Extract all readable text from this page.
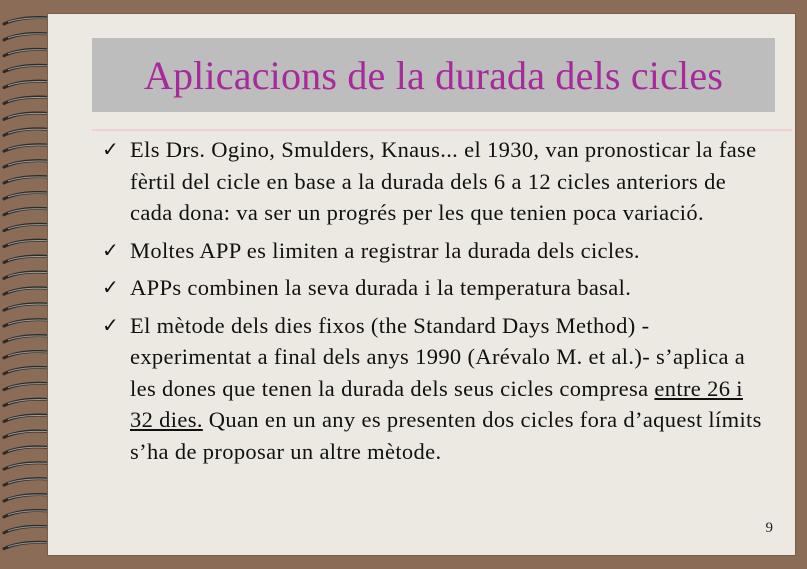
Aplicacions de la durada dels cicles
✓ Els Drs. Ogino, Smulders, Knaus... el 1930, van pronosticar la fase fèrtil del cicle en base a la durada dels 6 a 12 cicles anteriors de cada dona: va ser un progrés per les que tenien poca variació.
✓ Moltes APP es limiten a registrar la durada dels cicles.
✓ APPs combinen la seva durada i la temperatura basal.
✓ El mètode dels dies fixos (the Standard Days Method) -experimentat a final dels anys 1990 (Arévalo M. et al.)- s’aplica a les dones que tenen la durada dels seus cicles compresa entre 26 i 32 dies. Quan en un any es presenten dos cicles fora d’aquest límits s’ha de proposar un altre mètode.
9
